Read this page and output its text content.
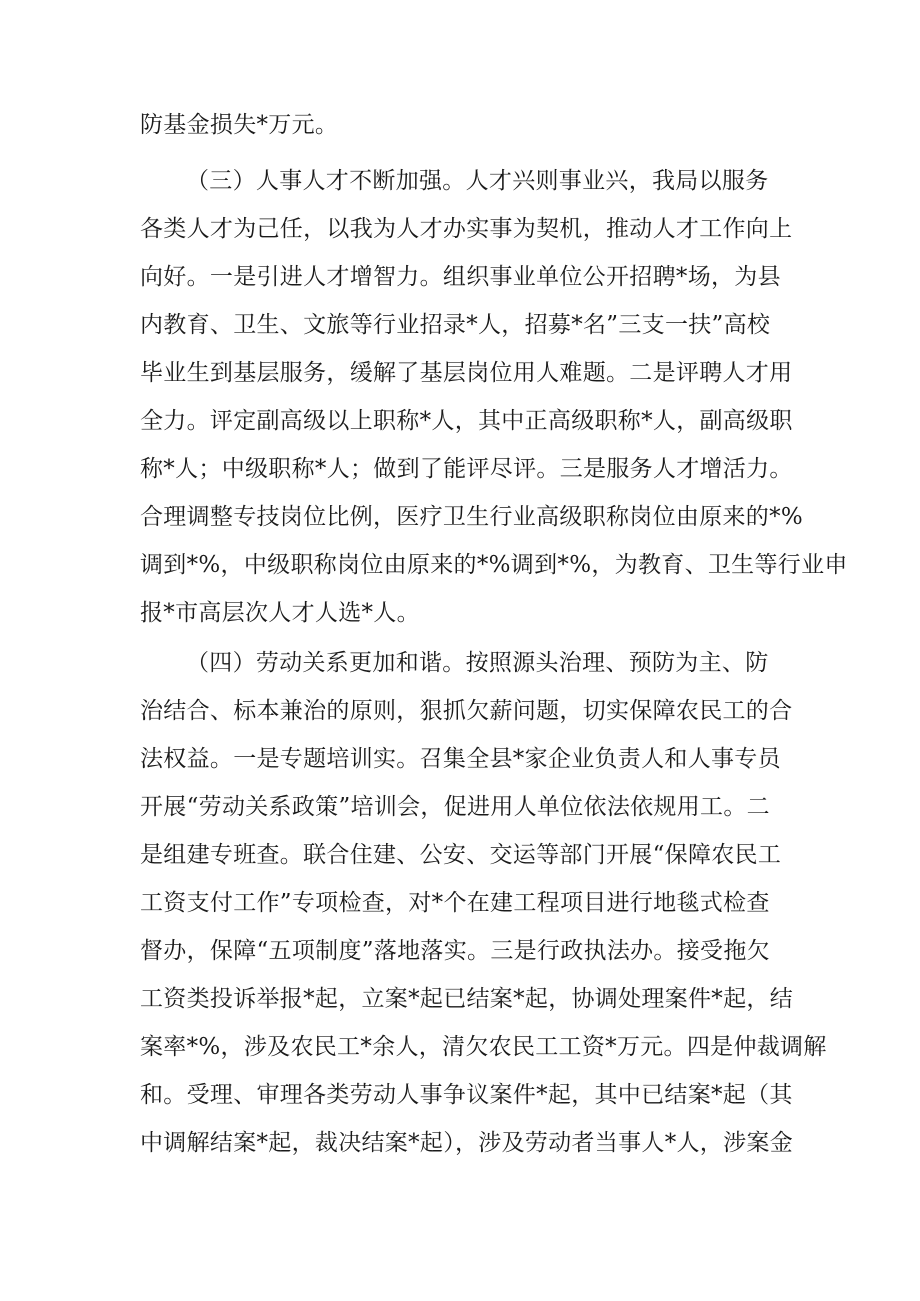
防基金损失*万元。
（三）人事人才不断加强。人才兴则事业兴，我局以服务
各类人才为己任，以我为人才办实事为契机，推动人才工作向上
向好。一是引进人才增智力。组织事业单位公开招聘*场，为县
内教育、卫生、文旅等行业招录*人，招募*名”三支一扶”高校
毕业生到基层服务，缓解了基层岗位用人难题。二是评聘人才用
全力。评定副高级以上职称*人，其中正高级职称*人，副高级职
称*人；中级职称*人；做到了能评尽评。三是服务人才增活力。
合理调整专技岗位比例，医疗卫生行业高级职称岗位由原来的*%
调到*%，中级职称岗位由原来的*%调到*%，为教育、卫生等行业申
报*市高层次人才人选*人。
（四）劳动关系更加和谐。按照源头治理、预防为主、防
治结合、标本兼治的原则，狠抓欠薪问题，切实保障农民工的合
法权益。一是专题培训实。召集全县*家企业负责人和人事专员
开展“劳动关系政策”培训会，促进用人单位依法依规用工。二
是组建专班查。联合住建、公安、交运等部门开展“保障农民工
工资支付工作”专项检查，对*个在建工程项目进行地毯式检查
督办，保障“五项制度”落地落实。三是行政执法办。接受拖欠
工资类投诉举报*起，立案*起已结案*起，协调处理案件*起，结
案率*%，涉及农民工*余人，清欠农民工工资*万元。四是仲裁调解
和。受理、审理各类劳动人事争议案件*起，其中已结案*起（其
中调解结案*起，裁决结案*起），涉及劳动者当事人*人，涉案金
